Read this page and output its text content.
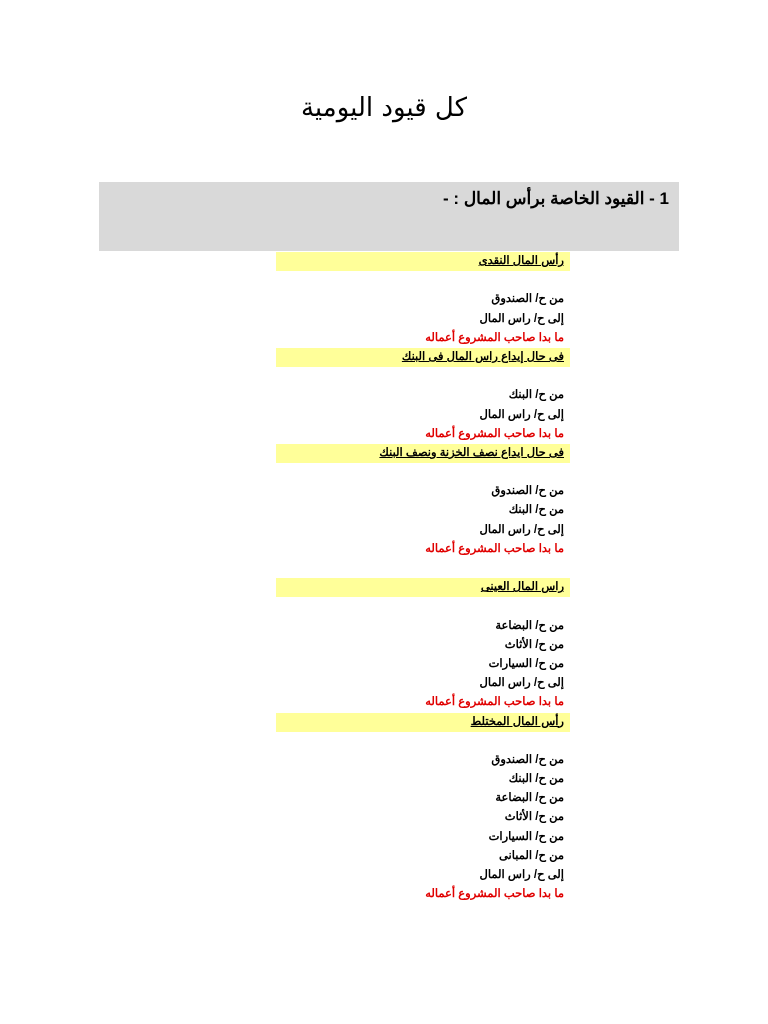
كل قيود اليومية
1 - القيود الخاصة برأس المال : -
رأس المال النقدى
من ح/ الصندوق
إلى ح/ راس المال
ما بدا صاحب المشروع أعماله
فى حال إيداع راس المال فى البنك
من ح/ البنك
إلى ح/ راس المال
ما بدا صاحب المشروع أعماله
فى حال ايداع نصف الخزنة ونصف البنك
من ح/ الصندوق
من ح/ البنك
إلى ح/ راس المال
ما بدا صاحب المشروع أعماله
راس المال العينى
من ح/ البضاعة
من ح/ الأثاث
من ح/ السيارات
إلى ح/ راس المال
ما بدا صاحب المشروع أعماله
رأس المال المختلط
من ح/ الصندوق
من ح/ البنك
من ح/ البضاعة
من ح/ الأثاث
من ح/ السيارات
من ح/ المبانى
إلى ح/ راس المال
ما بدا صاحب المشروع أعماله
